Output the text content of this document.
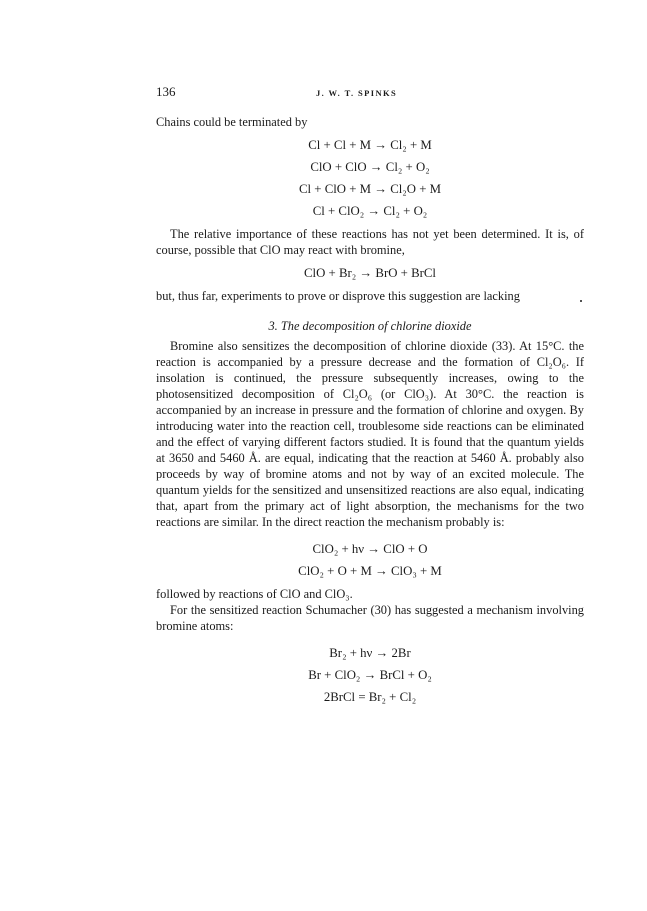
136	J. W. T. SPINKS

Chains could be terminated by

Cl + Cl + M → Cl₂ + M
ClO + ClO → Cl₂ + O₂
Cl + ClO + M → Cl₂O + M
Cl + ClO₂ → Cl₂ + O₂

The relative importance of these reactions has not yet been determined. It is, of course, possible that ClO may react with bromine,

ClO + Br₂ → BrO + BrCl

but, thus far, experiments to prove or disprove this suggestion are lacking

3. The decomposition of chlorine dioxide

Bromine also sensitizes the decomposition of chlorine dioxide (33). At 15°C. the reaction is accompanied by a pressure decrease and the formation of Cl₂O₆. If insolation is continued, the pressure subsequently increases, owing to the photosensitized decomposition of Cl₂O₆ (or ClO₃). At 30°C. the reaction is accompanied by an increase in pressure and the formation of chlorine and oxygen. By introducing water into the reaction cell, troublesome side reactions can be eliminated and the effect of varying different factors studied. It is found that the quantum yields at 3650 and 5460 Å. are equal, indicating that the reaction at 5460 Å. probably also proceeds by way of bromine atoms and not by way of an excited molecule. The quantum yields for the sensitized and unsensitized reactions are also equal, indicating that, apart from the primary act of light absorption, the mechanisms for the two reactions are similar. In the direct reaction the mechanism probably is:

ClO₂ + hν → ClO + O
ClO₂ + O + M → ClO₃ + M

followed by reactions of ClO and ClO₃.

For the sensitized reaction Schumacher (30) has suggested a mechanism involving bromine atoms:

Br₂ + hν → 2Br
Br + ClO₂ → BrCl + O₂
2BrCl = Br₂ + Cl₂
